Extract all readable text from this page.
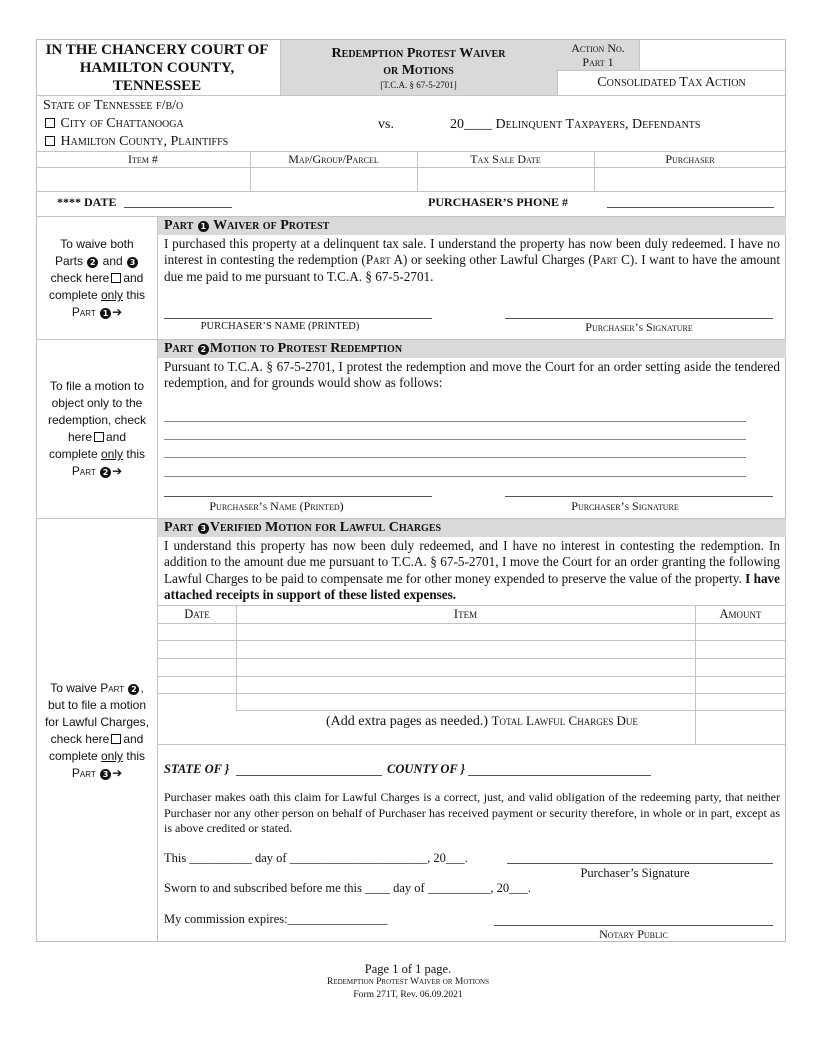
IN THE CHANCERY COURT OF HAMILTON COUNTY, TENNESSEE
Redemption Protest Waiver
or Motions
[T.C.A. § 67-5-2701]
Action No.
Part 1
Consolidated Tax Action
State of Tennessee f/b/o
City of Chattanooga
Hamilton County, Plaintiffs
vs.	20____ Delinquent Taxpayers, Defendants
Item #	Map/Group/Parcel	Tax Sale Date	Purchaser
**** DATE	PURCHASER’S PHONE #
Part 1 Waiver of Protest
I purchased this property at a delinquent tax sale. I understand the property has now been duly redeemed. I have no interest in contesting the redemption (Part A) or seeking other Lawful Charges (Part C). I want to have the amount due me paid to me pursuant to T.C.A. § 67-5-2701.
To waive both
Parts 2 and 3
check here and
complete only this
Part 1 ➔
PURCHASER’S NAME (PRINTED)	Purchaser’s Signature
Part 2 Motion to Protest Redemption
Pursuant to T.C.A. § 67-5-2701, I protest the redemption and move the Court for an order setting aside the tendered redemption, and for grounds would show as follows:
To file a motion to
object only to the
redemption, check
here and
complete only this
Part 2 ➔
Purchaser’s Name (Printed)	Purchaser’s Signature
Part 3 Verified Motion for Lawful Charges
I understand this property has now been duly redeemed, and I have no interest in contesting the redemption. In addition to the amount due me pursuant to T.C.A. § 67-5-2701, I move the Court for an order granting the following Lawful Charges to be paid to compensate me for other money expended to preserve the value of the property. I have attached receipts in support of these listed expenses.
Date	Item	Amount
(Add extra pages as needed.) Total Lawful Charges Due
To waive Part 2 ,
but to file a motion
for Lawful Charges,
check here and
complete only this
Part 3 ➔	STATE OF }	COUNTY OF }
Purchaser makes oath this claim for Lawful Charges is a correct, just, and valid obligation of the redeeming party, that neither Purchaser nor any other person on behalf of Purchaser has received payment or security therefore, in whole or in part, except as is above credited or stated.
This __________ day of ______________________, 20___.
Purchaser’s Signature
Sworn to and subscribed before me this ____ day of __________, 20___.
My commission expires:________________
Notary Public
Page 1 of 1 page.
Redemption Protest Waiver or Motions
Form 271T, Rev. 06.09.2021
